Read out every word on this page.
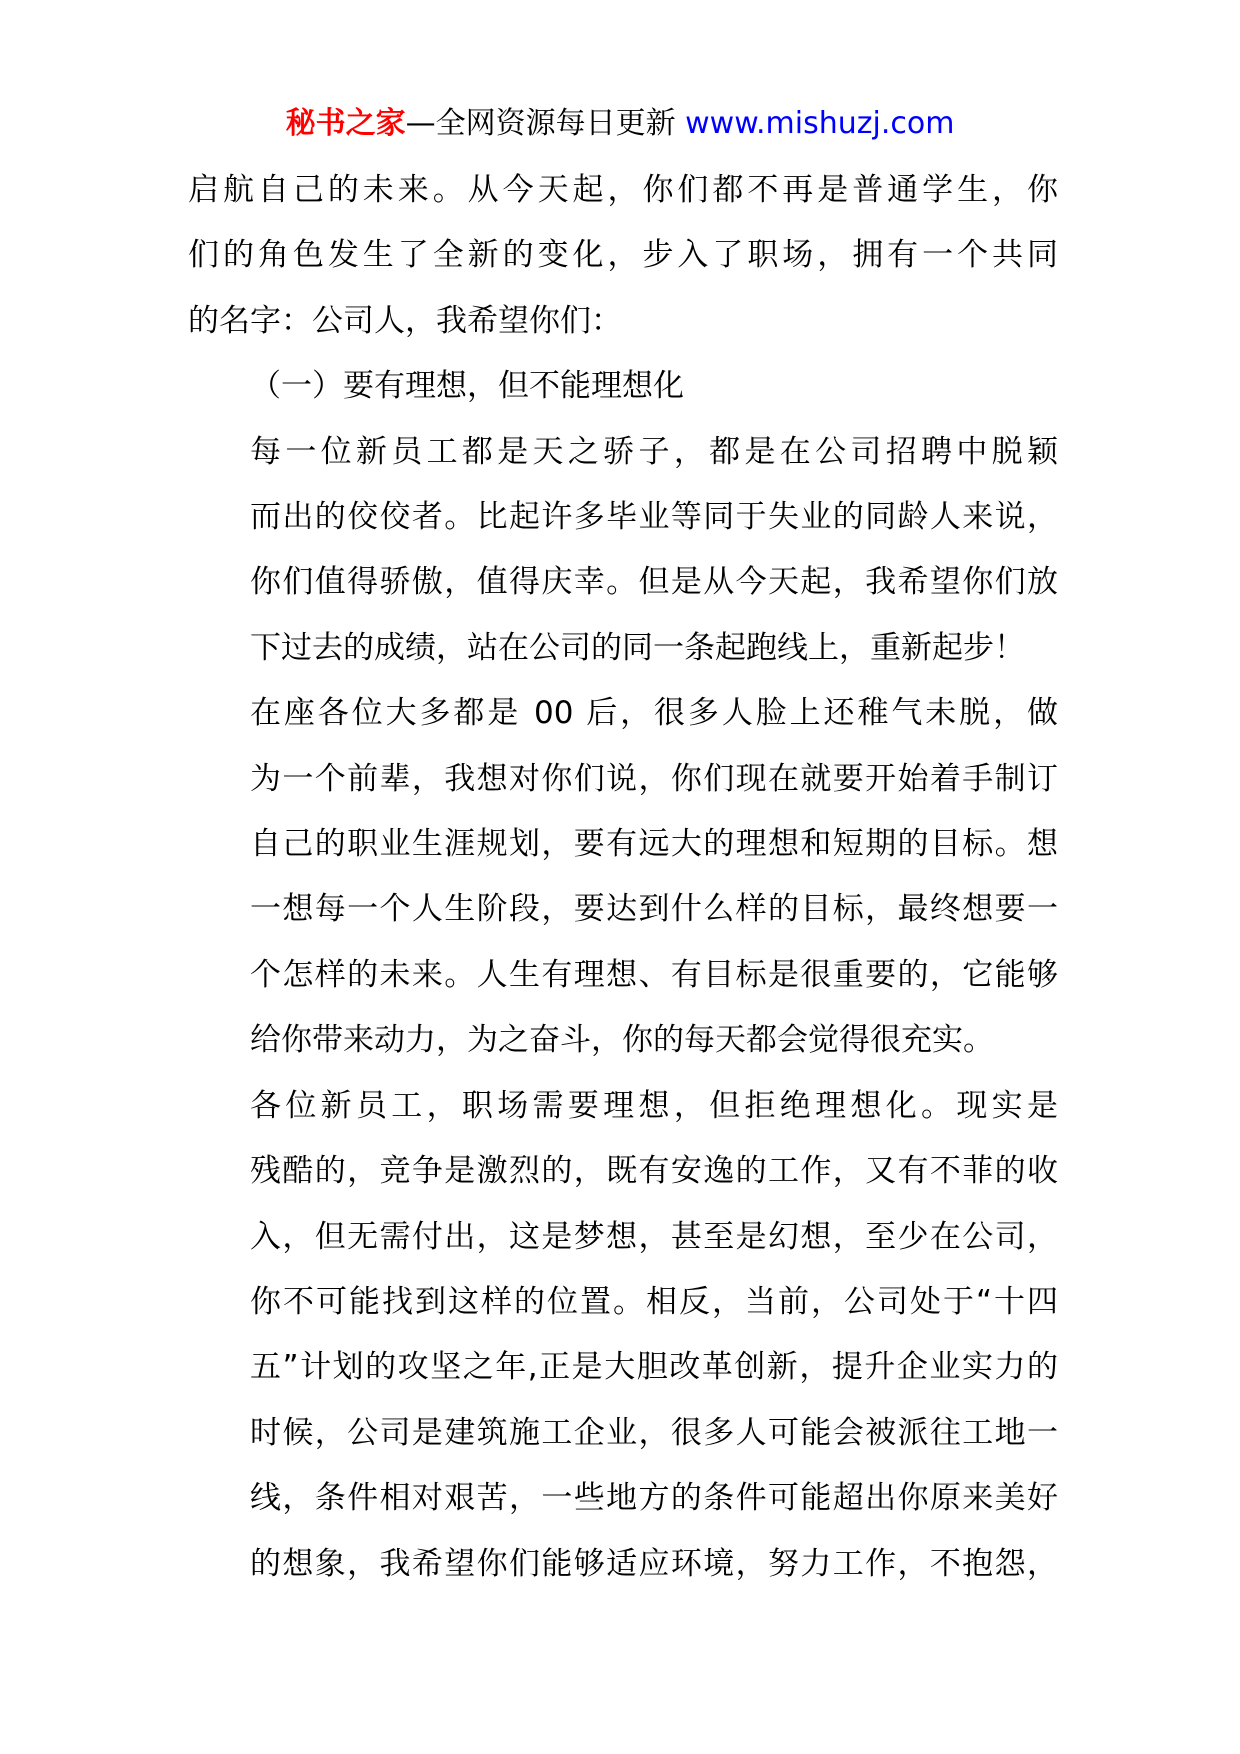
秘书之家—全网资源每日更新 www.mishuzj.com

启航自己的未来。从今天起，你们都不再是普通学生，你
们的角色发生了全新的变化，步入了职场，拥有一个共同
的名字：公司人，我希望你们：

（一）要有理想，但不能理想化

每一位新员工都是天之骄子，都是在公司招聘中脱颖
而出的佼佼者。比起许多毕业等同于失业的同龄人来说，
你们值得骄傲，值得庆幸。但是从今天起，我希望你们放
下过去的成绩，站在公司的同一条起跑线上，重新起步！

在座各位大多都是 00 后，很多人脸上还稚气未脱，做
为一个前辈，我想对你们说，你们现在就要开始着手制订
自己的职业生涯规划，要有远大的理想和短期的目标。想
一想每一个人生阶段，要达到什么样的目标，最终想要一
个怎样的未来。人生有理想、有目标是很重要的，它能够
给你带来动力，为之奋斗，你的每天都会觉得很充实。

各位新员工，职场需要理想，但拒绝理想化。现实是
残酷的，竞争是激烈的，既有安逸的工作，又有不菲的收
入，但无需付出，这是梦想，甚至是幻想，至少在公司，
你不可能找到这样的位置。相反，当前，公司处于“十四
五”计划的攻坚之年,正是大胆改革创新，提升企业实力的
时候，公司是建筑施工企业，很多人可能会被派往工地一
线，条件相对艰苦，一些地方的条件可能超出你原来美好
的想象，我希望你们能够适应环境，努力工作，不抱怨，
